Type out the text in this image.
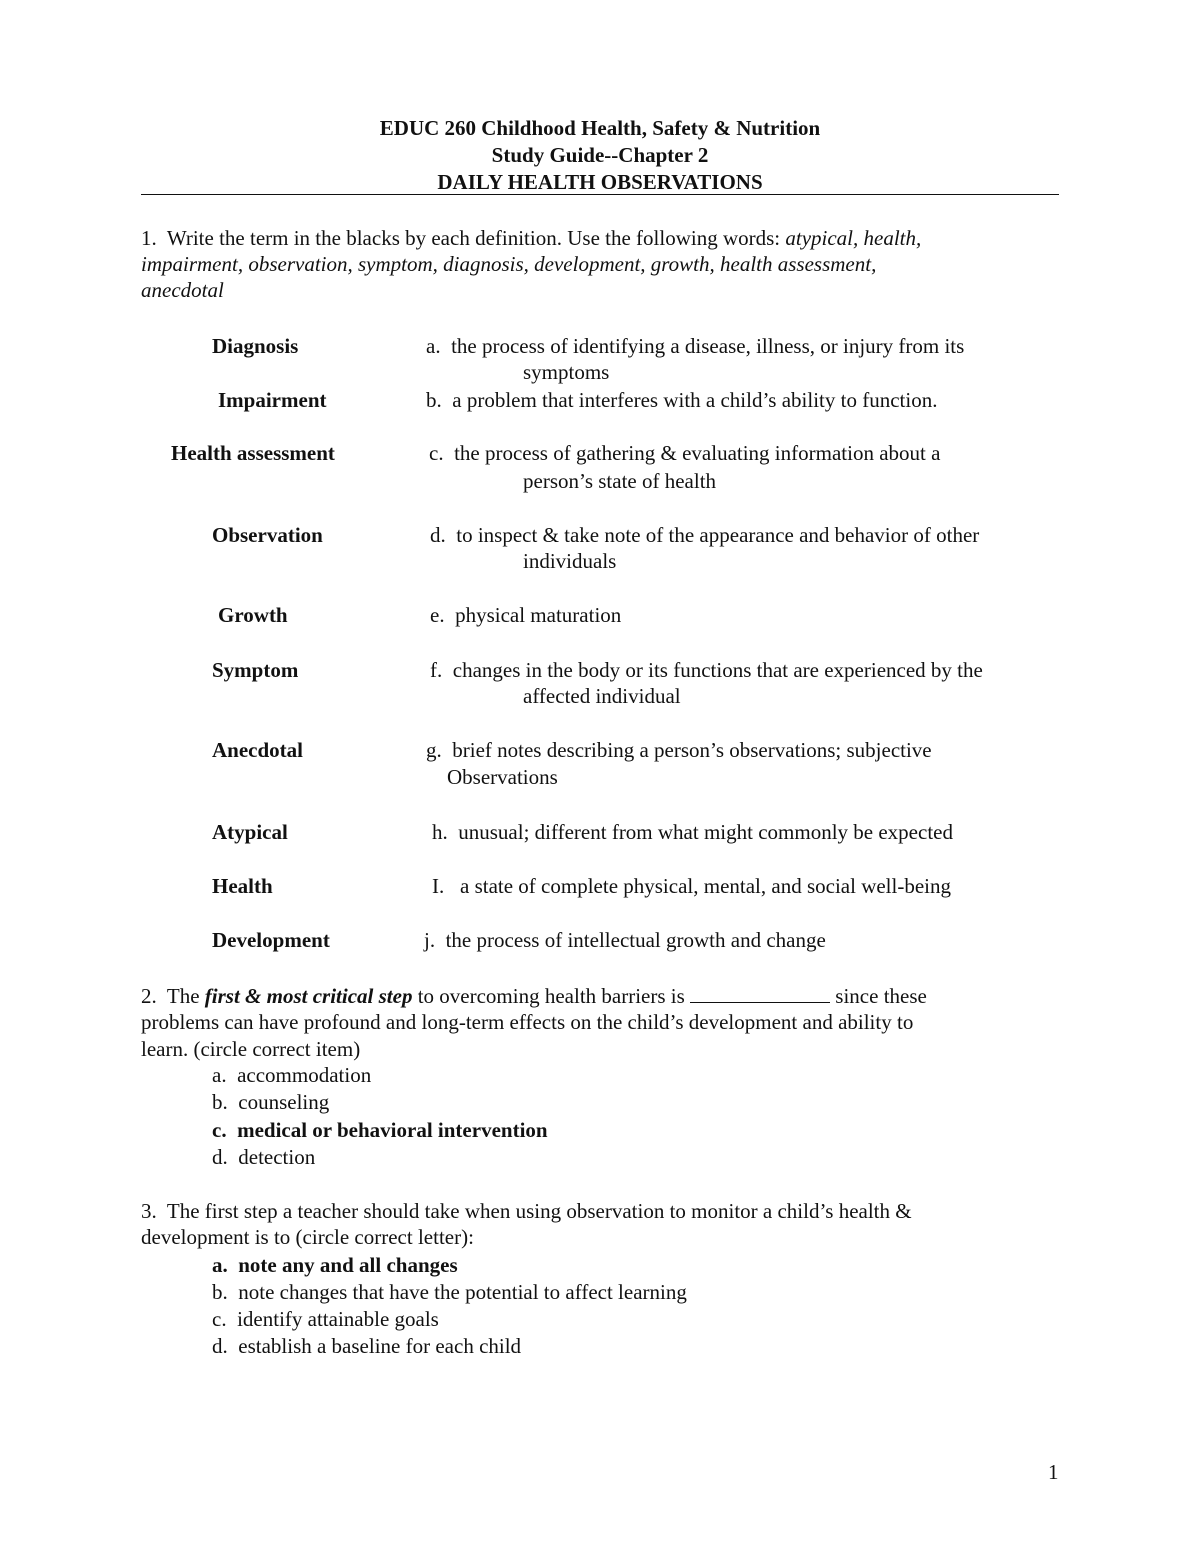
EDUC 260 Childhood Health, Safety & Nutrition
Study Guide--Chapter 2
DAILY HEALTH OBSERVATIONS
1. Write the term in the blacks by each definition. Use the following words: atypical, health,
impairment, observation, symptom, diagnosis, development, growth, health assessment,
anecdotal
Diagnosis	a. the process of identifying a disease, illness, or injury from its
symptoms
Impairment	b. a problem that interferes with a child’s ability to function.
Health assessment	c. the process of gathering & evaluating information about a
person’s state of health
Observation	d. to inspect & take note of the appearance and behavior of other
individuals
Growth	e. physical maturation
Symptom	f. changes in the body or its functions that are experienced by the
affected individual
Anecdotal	g. brief notes describing a person’s observations; subjective
Observations
Atypical	h. unusual; different from what might commonly be expected
Health	I. a state of complete physical, mental, and social well-being
Development	j. the process of intellectual growth and change
2. The first & most critical step to overcoming health barriers is	since these
problems can have profound and long-term effects on the child’s development and ability to
learn. (circle correct item)
a. accommodation
b. counseling
c. medical or behavioral intervention
d. detection
3. The first step a teacher should take when using observation to monitor a child’s health &
development is to (circle correct letter):
a. note any and all changes
b. note changes that have the potential to affect learning
c. identify attainable goals
d. establish a baseline for each child
1
